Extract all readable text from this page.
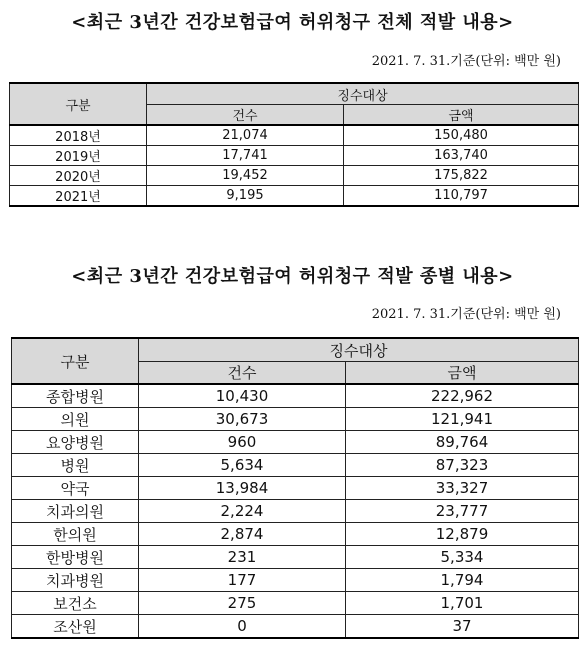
<최근 3년간 건강보험급여 허위청구 전체 적발 내용>
2021. 7. 31.기준(단위: 백만 원)
구분	징수대상	
	건수	금액
2018년	21,074	150,480
2019년	17,741	163,740
2020년	19,452	175,822
2021년	9,195	110,797
<최근 3년간 건강보험급여 허위청구 적발 종별 내용>
2021. 7. 31.기준(단위: 백만 원)
구분	징수대상	
	건수	금액
종합병원	10,430	222,962
의원	30,673	121,941
요양병원	960	89,764
병원	5,634	87,323
약국	13,984	33,327
치과의원	2,224	23,777
한의원	2,874	12,879
한방병원	231	5,334
치과병원	177	1,794
보건소	275	1,701
조산원	0	37
